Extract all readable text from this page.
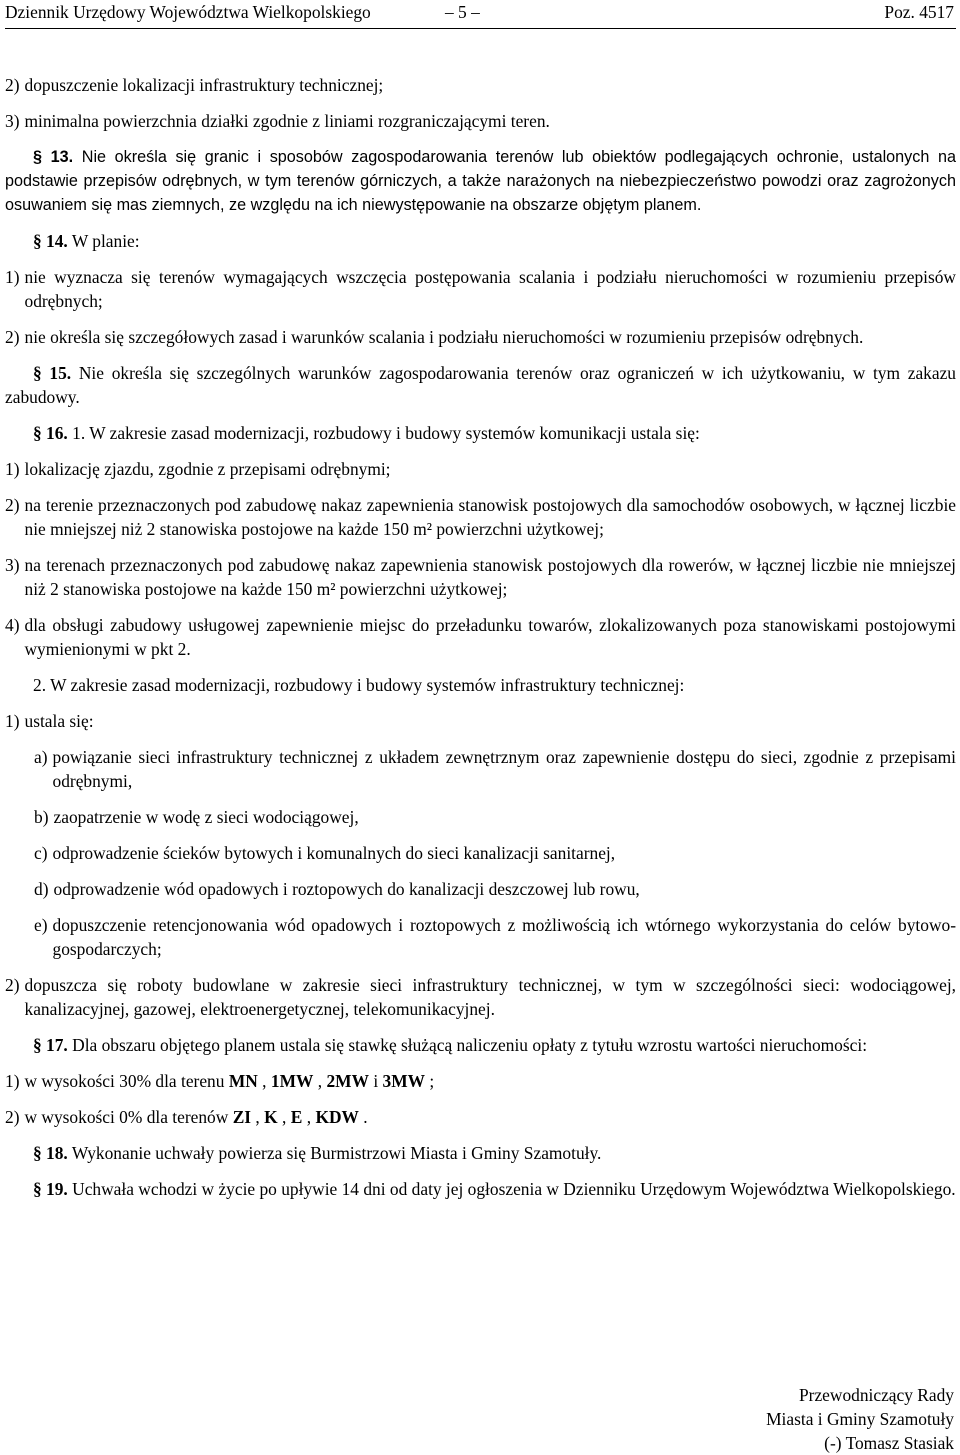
Dziennik Urzędowy Województwa Wielkopolskiego	– 5 –	Poz. 4517
2) dopuszczenie lokalizacji infrastruktury technicznej;
3) minimalna powierzchnia działki zgodnie z liniami rozgraniczającymi teren.

§ 13. Nie określa się granic i sposobów zagospodarowania terenów lub obiektów podlegających ochronie, ustalonych na podstawie przepisów odrębnych, w tym terenów górniczych, a także narażonych na niebezpieczeństwo powodzi oraz zagrożonych osuwaniem się mas ziemnych, ze względu na ich niewystępowanie na obszarze objętym planem.

§ 14. W planie:

1) nie wyznacza się terenów wymagających wszczęcia postępowania scalania i podziału nieruchomości w rozumieniu przepisów odrębnych;
2) nie określa się szczegółowych zasad i warunków scalania i podziału nieruchomości w rozumieniu przepisów odrębnych.

§ 15. Nie określa się szczególnych warunków zagospodarowania terenów oraz ograniczeń w ich użytkowaniu, w tym zakazu zabudowy.

§ 16. 1. W zakresie zasad modernizacji, rozbudowy i budowy systemów komunikacji ustala się:

1) lokalizację zjazdu, zgodnie z przepisami odrębnymi;
2) na terenie przeznaczonych pod zabudowę nakaz zapewnienia stanowisk postojowych dla samochodów osobowych, w łącznej liczbie nie mniejszej niż 2 stanowiska postojowe na każde 150 m² powierzchni użytkowej;
3) na terenach przeznaczonych pod zabudowę nakaz zapewnienia stanowisk postojowych dla rowerów, w łącznej liczbie nie mniejszej niż 2 stanowiska postojowe na każde 150 m² powierzchni użytkowej;
4) dla obsługi zabudowy usługowej zapewnienie miejsc do przeładunku towarów, zlokalizowanych poza stanowiskami postojowymi wymienionymi w pkt 2.

2. W zakresie zasad modernizacji, rozbudowy i budowy systemów infrastruktury technicznej:

1) ustala się:
a) powiązanie sieci infrastruktury technicznej z układem zewnętrznym oraz zapewnienie dostępu do sieci, zgodnie z przepisami odrębnymi,
b) zaopatrzenie w wodę z sieci wodociągowej,
c) odprowadzenie ścieków bytowych i komunalnych do sieci kanalizacji sanitarnej,
d) odprowadzenie wód opadowych i roztopowych do kanalizacji deszczowej lub rowu,
e) dopuszczenie retencjonowania wód opadowych i roztopowych z możliwością ich wtórnego wykorzystania do celów bytowo-gospodarczych;
2) dopuszcza się roboty budowlane w zakresie sieci infrastruktury technicznej, w tym w szczególności sieci: wodociągowej, kanalizacyjnej, gazowej, elektroenergetycznej, telekomunikacyjnej.

§ 17. Dla obszaru objętego planem ustala się stawkę służącą naliczeniu opłaty z tytułu wzrostu wartości nieruchomości:

1) w wysokości 30% dla terenu MN , 1MW , 2MW i 3MW ;
2) w wysokości 0% dla terenów ZI , K , E , KDW .

§ 18. Wykonanie uchwały powierza się Burmistrzowi Miasta i Gminy Szamotuły.

§ 19. Uchwała wchodzi w życie po upływie 14 dni od daty jej ogłoszenia w Dzienniku Urzędowym Województwa Wielkopolskiego.

Przewodniczący Rady
Miasta i Gminy Szamotuły
(-) Tomasz Stasiak
